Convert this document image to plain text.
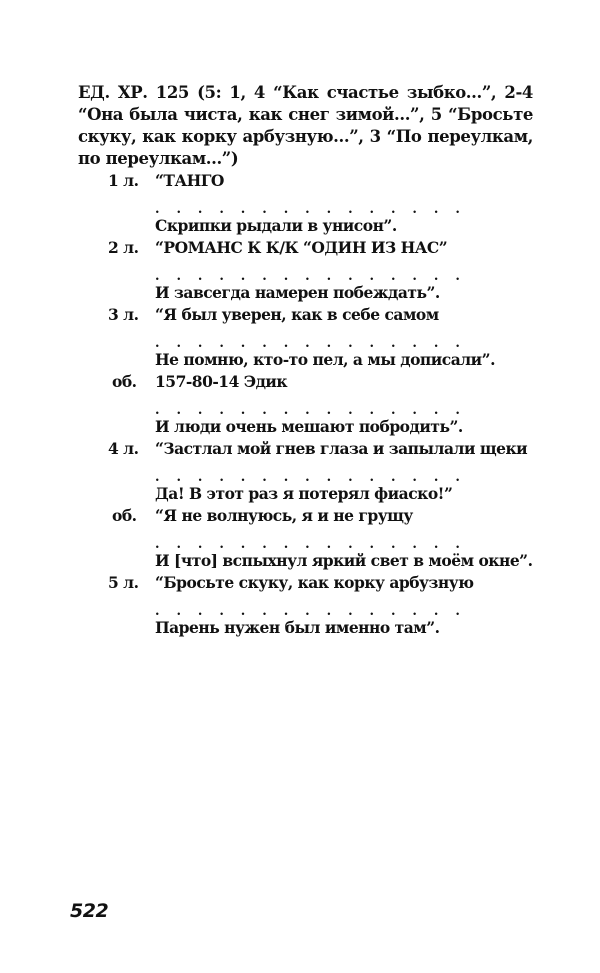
ЕД. ХР. 125 (5: 1, 4 “Как счастье зыбко...”, 2-4 “Она была чиста, как снег зимой...”, 5 “Бросьте скуку, как корку арбузную...”, 3 “По переулкам, по переулкам...”)
1 л.	“ТАНГО
. . . . . . . . . . . . . . .
Скрипки рыдали в унисон”.
2 л.	“РОМАНС К К/К “ОДИН ИЗ НАС”
. . . . . . . . . . . . . . .
И завсегда намерен побеждать”.
3 л.	“Я был уверен, как в себе самом
. . . . . . . . . . . . . . .
Не помню, кто-то пел, а мы дописали”.
об.	157-80-14 Эдик
. . . . . . . . . . . . . . .
И люди очень мешают побродить”.
4 л.	“Застлал мой гнев глаза и запылали щеки
. . . . . . . . . . . . . . .
Да! В этот раз я потерял фиаско!”
об.	“Я не волнуюсь, я и не грущу
. . . . . . . . . . . . . . .
И [что] вспыхнул яркий свет в моём окне”.
5 л.	“Бросьте скуку, как корку арбузную
. . . . . . . . . . . . . . .
Парень нужен был именно там”.
522
